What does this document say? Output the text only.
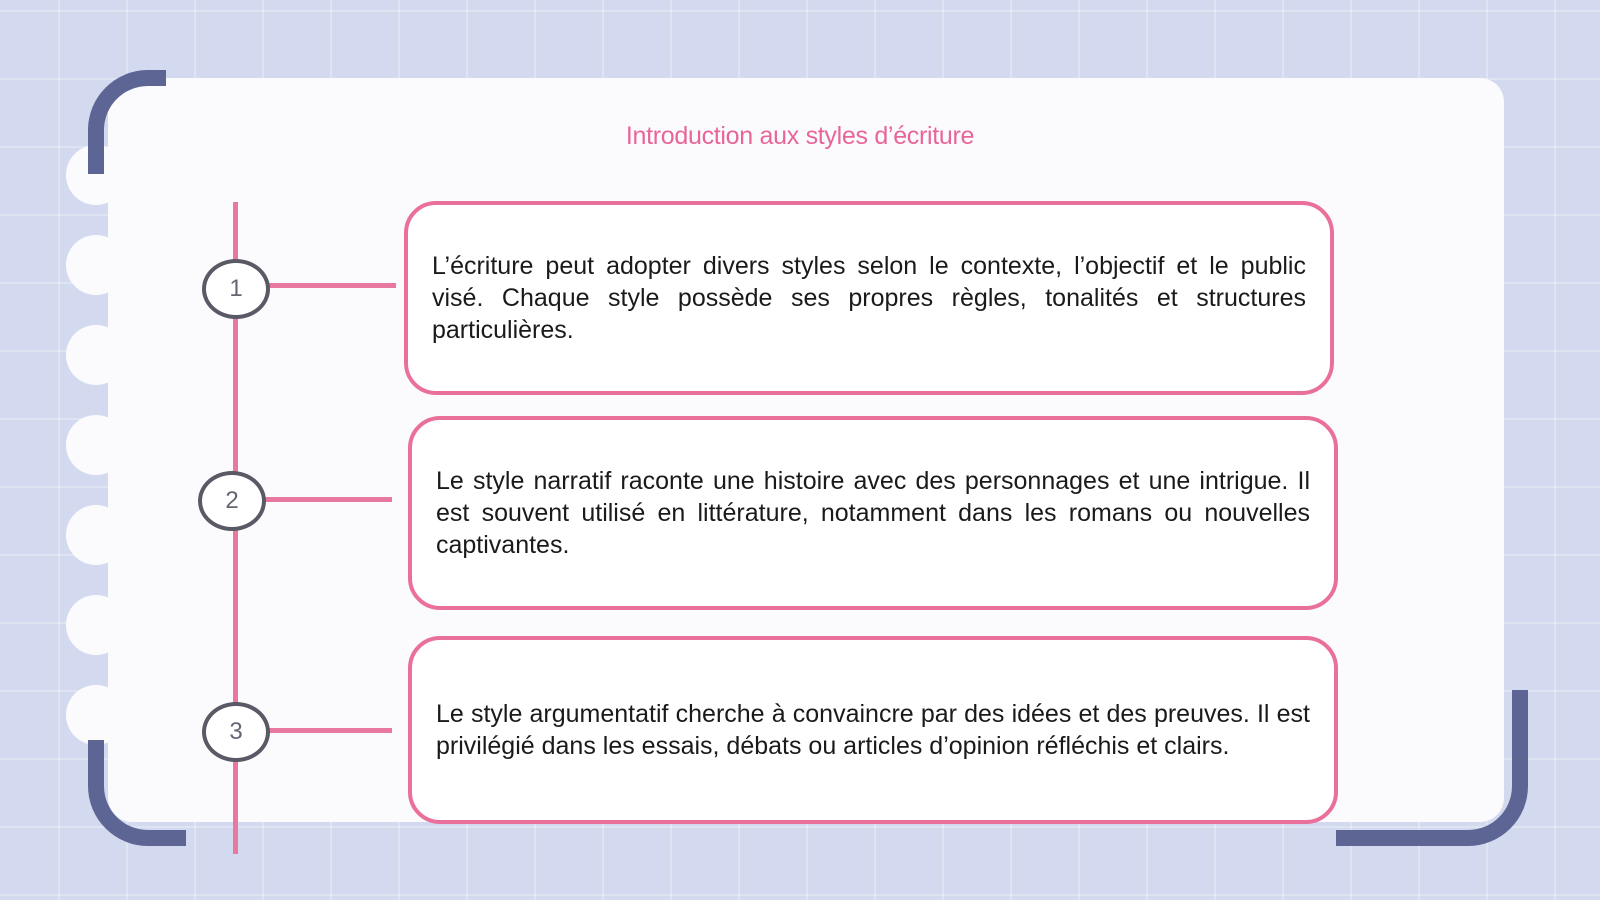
Introduction aux styles d’écriture
1
2
3

L’écriture peut adopter divers styles selon le contexte, l’objectif et le public visé. Chaque style possède ses propres règles, tonalités et structures particulières.

Le style narratif raconte une histoire avec des personnages et une intrigue. Il est souvent utilisé en littérature, notamment dans les romans ou nouvelles captivantes.

Le style argumentatif cherche à convaincre par des idées et des preuves. Il est privilégié dans les essais, débats ou articles d’opinion réfléchis et clairs.
